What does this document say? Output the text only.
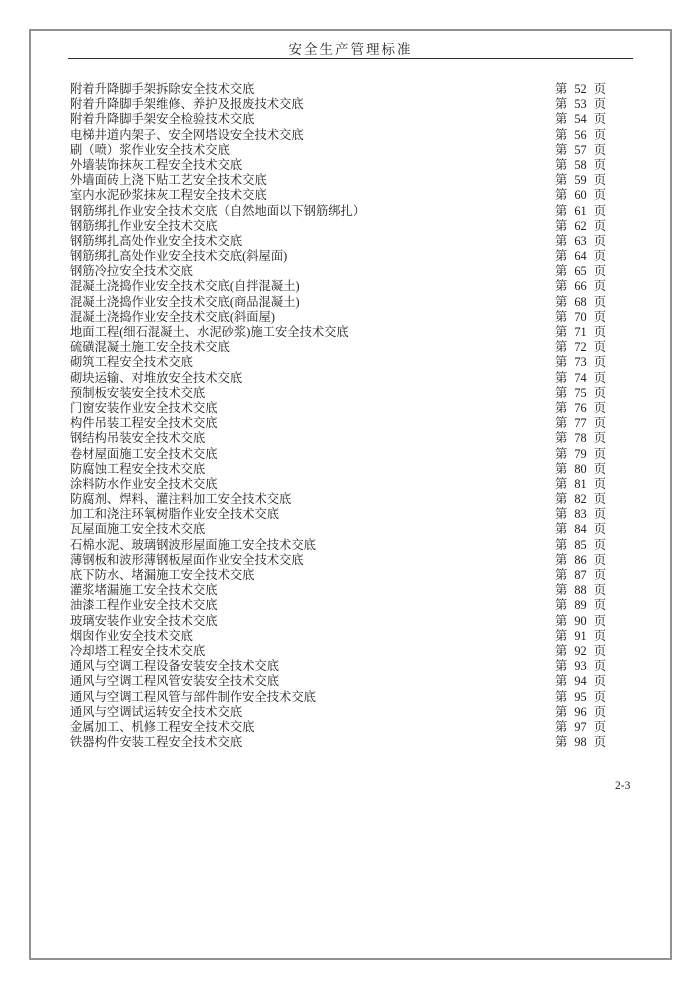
安全生产管理标准
附着升降脚手架拆除安全技术交底	第 52 页
附着升降脚手架维修、养护及报废技术交底	第 53 页
附着升降脚手架安全检验技术交底	第 54 页
电梯井道内架子、安全网塔设安全技术交底	第 56 页
刷（喷）浆作业安全技术交底	第 57 页
外墙装饰抹灰工程安全技术交底	第 58 页
外墙面砖上浇下贴工艺安全技术交底	第 59 页
室内水泥砂浆抹灰工程安全技术交底	第 60 页
钢筋绑扎作业安全技术交底（自然地面以下钢筋绑扎）	第 61 页
钢筋绑扎作业安全技术交底	第 62 页
钢筋绑扎高处作业安全技术交底	第 63 页
钢筋绑扎高处作业安全技术交底(斜屋面)	第 64 页
钢筋冷拉安全技术交底	第 65 页
混凝土浇捣作业安全技术交底(自拌混凝土)	第 66 页
混凝土浇捣作业安全技术交底(商品混凝土)	第 68 页
混凝土浇捣作业安全技术交底(斜面屋)	第 70 页
地面工程(细石混凝土、水泥砂浆)施工安全技术交底	第 71 页
硫磺混凝土施工安全技术交底	第 72 页
砌筑工程安全技术交底	第 73 页
砌块运输、对堆放安全技术交底	第 74 页
预制板安装安全技术交底	第 75 页
门窗安装作业安全技术交底	第 76 页
构件吊装工程安全技术交底	第 77 页
钢结构吊装安全技术交底	第 78 页
卷材屋面施工安全技术交底	第 79 页
防腐蚀工程安全技术交底	第 80 页
涂料防水作业安全技术交底	第 81 页
防腐剂、焊料、灌注料加工安全技术交底	第 82 页
加工和浇注环氧树脂作业安全技术交底	第 83 页
瓦屋面施工安全技术交底	第 84 页
石棉水泥、玻璃钢波形屋面施工安全技术交底	第 85 页
薄钢板和波形薄钢板屋面作业安全技术交底	第 86 页
底下防水、堵漏施工安全技术交底	第 87 页
灌浆堵漏施工安全技术交底	第 88 页
油漆工程作业安全技术交底	第 89 页
玻璃安装作业安全技术交底	第 90 页
烟囱作业安全技术交底	第 91 页
冷却塔工程安全技术交底	第 92 页
通风与空调工程设备安装安全技术交底	第 93 页
通风与空调工程风管安装安全技术交底	第 94 页
通风与空调工程风管与部件制作安全技术交底	第 95 页
通风与空调试运转安全技术交底	第 96 页
金属加工、机修工程安全技术交底	第 97 页
铁器构件安装工程安全技术交底	第 98 页
2-3
